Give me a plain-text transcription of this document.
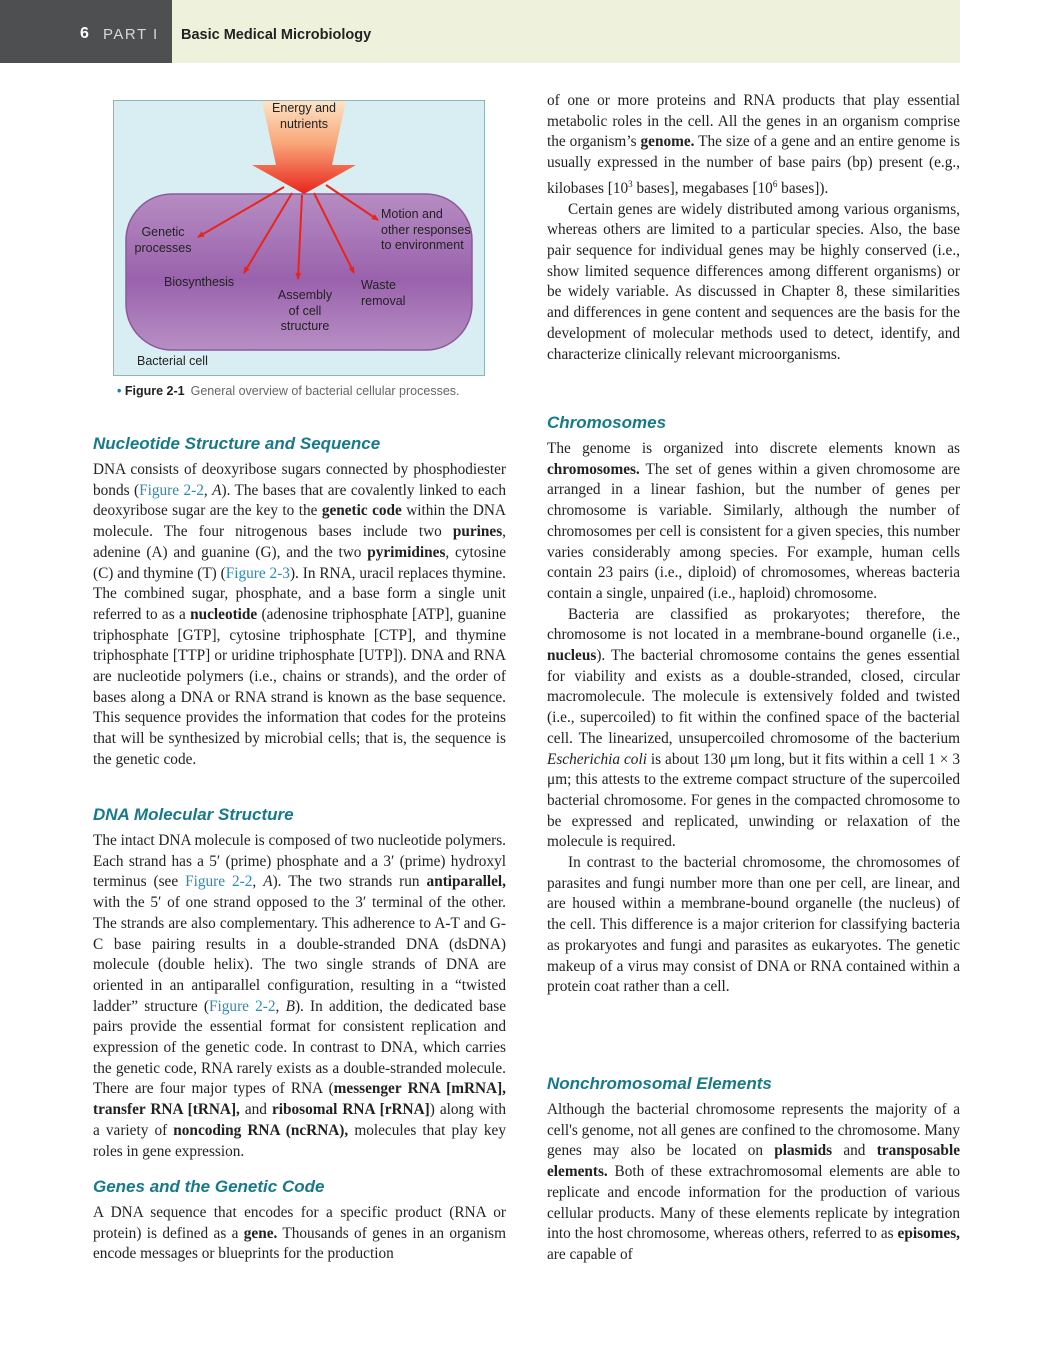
6 PART I Basic Medical Microbiology
Energy and nutrients
Genetic processes
Biosynthesis
Assembly of cell structure
Waste removal
Motion and other responses to environment
Bacterial cell
• Figure 2-1 General overview of bacterial cellular processes.
Nucleotide Structure and Sequence

DNA consists of deoxyribose sugars connected by phosphodiester bonds (Figure 2-2, A). The bases that are covalently linked to each deoxyribose sugar are the key to the genetic code within the DNA molecule. The four nitrogenous bases include two purines, adenine (A) and guanine (G), and the two pyrimidines, cytosine (C) and thymine (T) (Figure 2-3). In RNA, uracil replaces thymine. The combined sugar, phosphate, and a base form a single unit referred to as a nucleotide (adenosine triphosphate [ATP], guanine triphosphate [GTP], cytosine triphosphate [CTP], and thymine triphosphate [TTP] or uridine triphosphate [UTP]). DNA and RNA are nucleotide polymers (i.e., chains or strands), and the order of bases along a DNA or RNA strand is known as the base sequence. This sequence provides the information that codes for the proteins that will be synthesized by microbial cells; that is, the sequence is the genetic code.

DNA Molecular Structure

The intact DNA molecule is composed of two nucleotide polymers. Each strand has a 5′ (prime) phosphate and a 3′ (prime) hydroxyl terminus (see Figure 2-2, A). The two strands run antiparallel, with the 5′ of one strand opposed to the 3′ terminal of the other. The strands are also complementary. This adherence to A-T and G-C base pairing results in a double-stranded DNA (dsDNA) molecule (double helix). The two single strands of DNA are oriented in an antiparallel configuration, resulting in a “twisted ladder” structure (Figure 2-2, B). In addition, the dedicated base pairs provide the essential format for consistent replication and expression of the genetic code. In contrast to DNA, which carries the genetic code, RNA rarely exists as a double-stranded molecule. There are four major types of RNA (messenger RNA [mRNA], transfer RNA [tRNA], and ribosomal RNA [rRNA]) along with a variety of noncoding RNA (ncRNA), molecules that play key roles in gene expression.

Genes and the Genetic Code

A DNA sequence that encodes for a specific product (RNA or protein) is defined as a gene. Thousands of genes in an organism encode messages or blueprints for the production

of one or more proteins and RNA products that play essential metabolic roles in the cell. All the genes in an organism comprise the organism’s genome. The size of a gene and an entire genome is usually expressed in the number of base pairs (bp) present (e.g., kilobases [$10^3$ bases], megabases [$10^6$ bases]).

Certain genes are widely distributed among various organisms, whereas others are limited to a particular species. Also, the base pair sequence for individual genes may be highly conserved (i.e., show limited sequence differences among different organisms) or be widely variable. As discussed in Chapter 8, these similarities and differences in gene content and sequences are the basis for the development of molecular methods used to detect, identify, and characterize clinically relevant microorganisms.

Chromosomes

The genome is organized into discrete elements known as chromosomes. The set of genes within a given chromosome are arranged in a linear fashion, but the number of genes per chromosome is variable. Similarly, although the number of chromosomes per cell is consistent for a given species, this number varies considerably among species. For example, human cells contain 23 pairs (i.e., diploid) of chromosomes, whereas bacteria contain a single, unpaired (i.e., haploid) chromosome.

Bacteria are classified as prokaryotes; therefore, the chromosome is not located in a membrane-bound organelle (i.e., nucleus). The bacterial chromosome contains the genes essential for viability and exists as a double-stranded, closed, circular macromolecule. The molecule is extensively folded and twisted (i.e., supercoiled) to fit within the confined space of the bacterial cell. The linearized, unsupercoiled chromosome of the bacterium Escherichia coli is about 130 μm long, but it fits within a cell 1 × 3 μm; this attests to the extreme compact structure of the supercoiled bacterial chromosome. For genes in the compacted chromosome to be expressed and replicated, unwinding or relaxation of the molecule is required.

In contrast to the bacterial chromosome, the chromosomes of parasites and fungi number more than one per cell, are linear, and are housed within a membrane-bound organelle (the nucleus) of the cell. This difference is a major criterion for classifying bacteria as prokaryotes and fungi and parasites as eukaryotes. The genetic makeup of a virus may consist of DNA or RNA contained within a protein coat rather than a cell.

Nonchromosomal Elements

Although the bacterial chromosome represents the majority of a cell's genome, not all genes are confined to the chromosome. Many genes may also be located on plasmids and transposable elements. Both of these extrachromosomal elements are able to replicate and encode information for the production of various cellular products. Many of these elements replicate by integration into the host chromosome, whereas others, referred to as episomes, are capable of
